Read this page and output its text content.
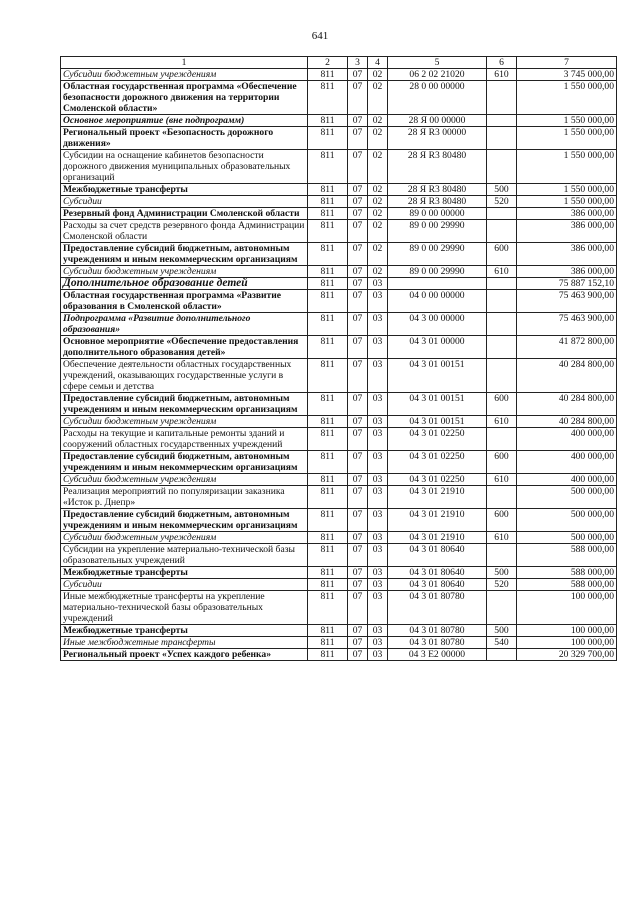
641
1	2	3	4	5	6	7
Субсидии бюджетным учреждениям	811	07	02	06 2 02 21020	610	3 745 000,00
Областная государственная программа «Обеспечение безопасности дорожного движения на территории Смоленской области»	811	07	02	28 0 00 00000		1 550 000,00
Основное мероприятие (вне подпрограмм)	811	07	02	28 Я 00 00000		1 550 000,00
Региональный проект «Безопасность дорожного движения»	811	07	02	28 Я R3 00000		1 550 000,00
Субсидии на оснащение кабинетов безопасности дорожного движения муниципальных образовательных организаций	811	07	02	28 Я R3 80480		1 550 000,00
Межбюджетные трансферты	811	07	02	28 Я R3 80480	500	1 550 000,00
Субсидии	811	07	02	28 Я R3 80480	520	1 550 000,00
Резервный фонд Администрации Смоленской области	811	07	02	89 0 00 00000		386 000,00
Расходы за счет средств резервного фонда Администрации Смоленской области	811	07	02	89 0 00 29990		386 000,00
Предоставление субсидий бюджетным, автономным учреждениям и иным некоммерческим организациям	811	07	02	89 0 00 29990	600	386 000,00
Субсидии бюджетным учреждениям	811	07	02	89 0 00 29990	610	386 000,00
Дополнительное образование детей	811	07	03			75 887 152,10
Областная государственная программа «Развитие образования в Смоленской области»	811	07	03	04 0 00 00000		75 463 900,00
Подпрограмма «Развитие дополнительного образования»	811	07	03	04 3 00 00000		75 463 900,00
Основное мероприятие «Обеспечение предоставления дополнительного образования детей»	811	07	03	04 3 01 00000		41 872 800,00
Обеспечение деятельности областных государственных учреждений, оказывающих государственные услуги в сфере семьи и детства	811	07	03	04 3 01 00151		40 284 800,00
Предоставление субсидий бюджетным, автономным учреждениям и иным некоммерческим организациям	811	07	03	04 3 01 00151	600	40 284 800,00
Субсидии бюджетным учреждениям	811	07	03	04 3 01 00151	610	40 284 800,00
Расходы на текущие и капитальные ремонты зданий и сооружений областных государственных учреждений	811	07	03	04 3 01 02250		400 000,00
Предоставление субсидий бюджетным, автономным учреждениям и иным некоммерческим организациям	811	07	03	04 3 01 02250	600	400 000,00
Субсидии бюджетным учреждениям	811	07	03	04 3 01 02250	610	400 000,00
Реализация мероприятий по популяризации заказника «Исток р. Днепр»	811	07	03	04 3 01 21910		500 000,00
Предоставление субсидий бюджетным, автономным учреждениям и иным некоммерческим организациям	811	07	03	04 3 01 21910	600	500 000,00
Субсидии бюджетным учреждениям	811	07	03	04 3 01 21910	610	500 000,00
Субсидии на укрепление материально-технической базы образовательных учреждений	811	07	03	04 3 01 80640		588 000,00
Межбюджетные трансферты	811	07	03	04 3 01 80640	500	588 000,00
Субсидии	811	07	03	04 3 01 80640	520	588 000,00
Иные межбюджетные трансферты на укрепление материально-технической базы образовательных учреждений	811	07	03	04 3 01 80780		100 000,00
Межбюджетные трансферты	811	07	03	04 3 01 80780	500	100 000,00
Иные межбюджетные трансферты	811	07	03	04 3 01 80780	540	100 000,00
Региональный проект «Успех каждого ребенка»	811	07	03	04 3 E2 00000		20 329 700,00
